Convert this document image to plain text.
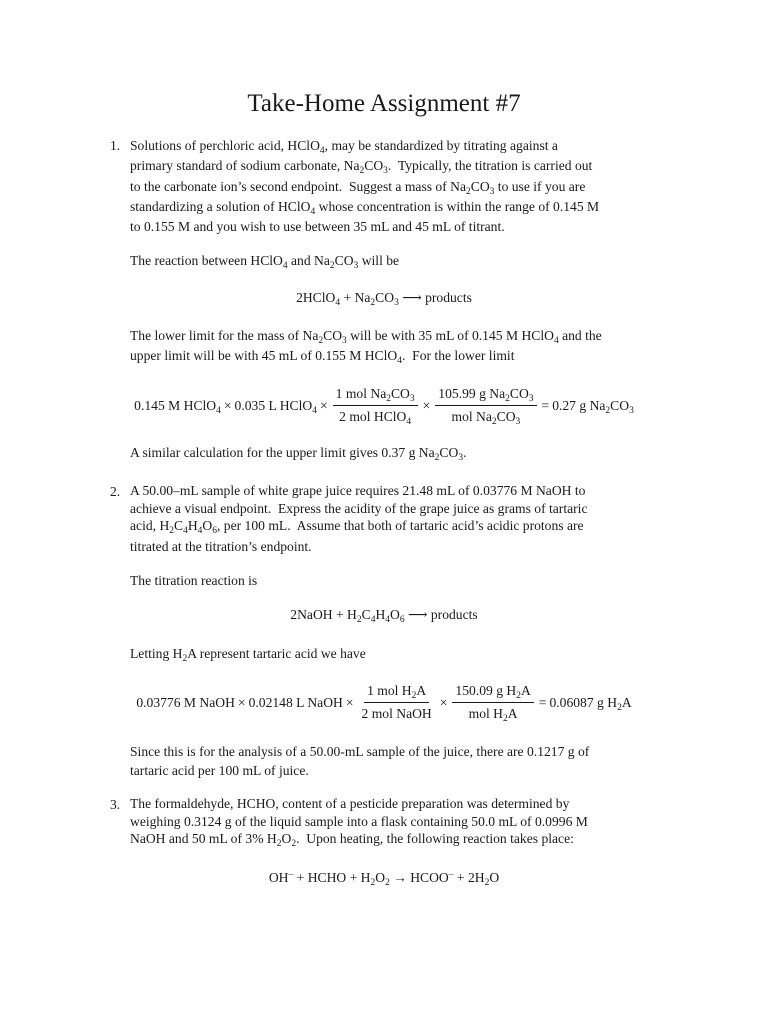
Take-Home Assignment #7
1. Solutions of perchloric acid, HClO$_4$, may be standardized by titrating against a
primary standard of sodium carbonate, $Na_2CO_3$.  Typically, the titration is carried out
to the carbonate ion’s second endpoint.  Suggest a mass of $Na_2CO_3$ to use if you are
standardizing a solution of HClO$_4$ whose concentration is within the range of 0.145 M
to 0.155 M and you wish to use between 35 mL and 45 mL of titrant.
The reaction between HClO$_4$ and $Na_2CO_3$ will be
2HClO$_4$ + $Na_2CO_3$ ⟶ products
The lower limit for the mass of $Na_2CO_3$ will be with 35 mL of 0.145 M HClO$_4$ and the
upper limit will be with 45 mL of 0.155 M HClO$_4$.  For the lower limit
0.145 M HClO$_4$ × 0.035 L HClO$_4$ × $\frac{1 mol Na_2CO_3}{2 mol HClO_4} \times \frac{105.99 g Na_2CO_3}{mol Na_2CO_3} = 0.27$ g $Na_2CO_3$
A similar calculation for the upper limit gives 0.37 g $Na_2CO_3$.
2. A 50.00–mL sample of white grape juice requires 21.48 mL of 0.03776 M NaOH to
achieve a visual endpoint.  Express the acidity of the grape juice as grams of tartaric
acid, $H_2C_4H_4O_6$, per 100 mL.  Assume that both of tartaric acid’s acidic protons are
titrated at the titration’s endpoint.
The titration reaction is
2NaOH + $H_2C_4H_4O_6$ ⟶ products
Letting $H_2A$ represent tartaric acid we have
0.03776 M NaOH × 0.02148 L NaOH × $\frac{1 mol H_2A}{\text{2 mol NaOH}} \times \frac{150.09 g H_2A}{mol H_2A} = 0.06087$ g $H_2A$
Since this is for the analysis of a 50.00-mL sample of the juice, there are 0.1217 g of
tartaric acid per 100 mL of juice.
3. The formaldehyde, HCHO, content of a pesticide preparation was determined by
weighing 0.3124 g of the liquid sample into a flask containing 50.0 mL of 0.0996 M
NaOH and 50 mL of 3% $H_2O_2$.  Upon heating, the following reaction takes place:
OH– + HCHO + $H_2O_2$ → HCOO– + $2H_2O$
